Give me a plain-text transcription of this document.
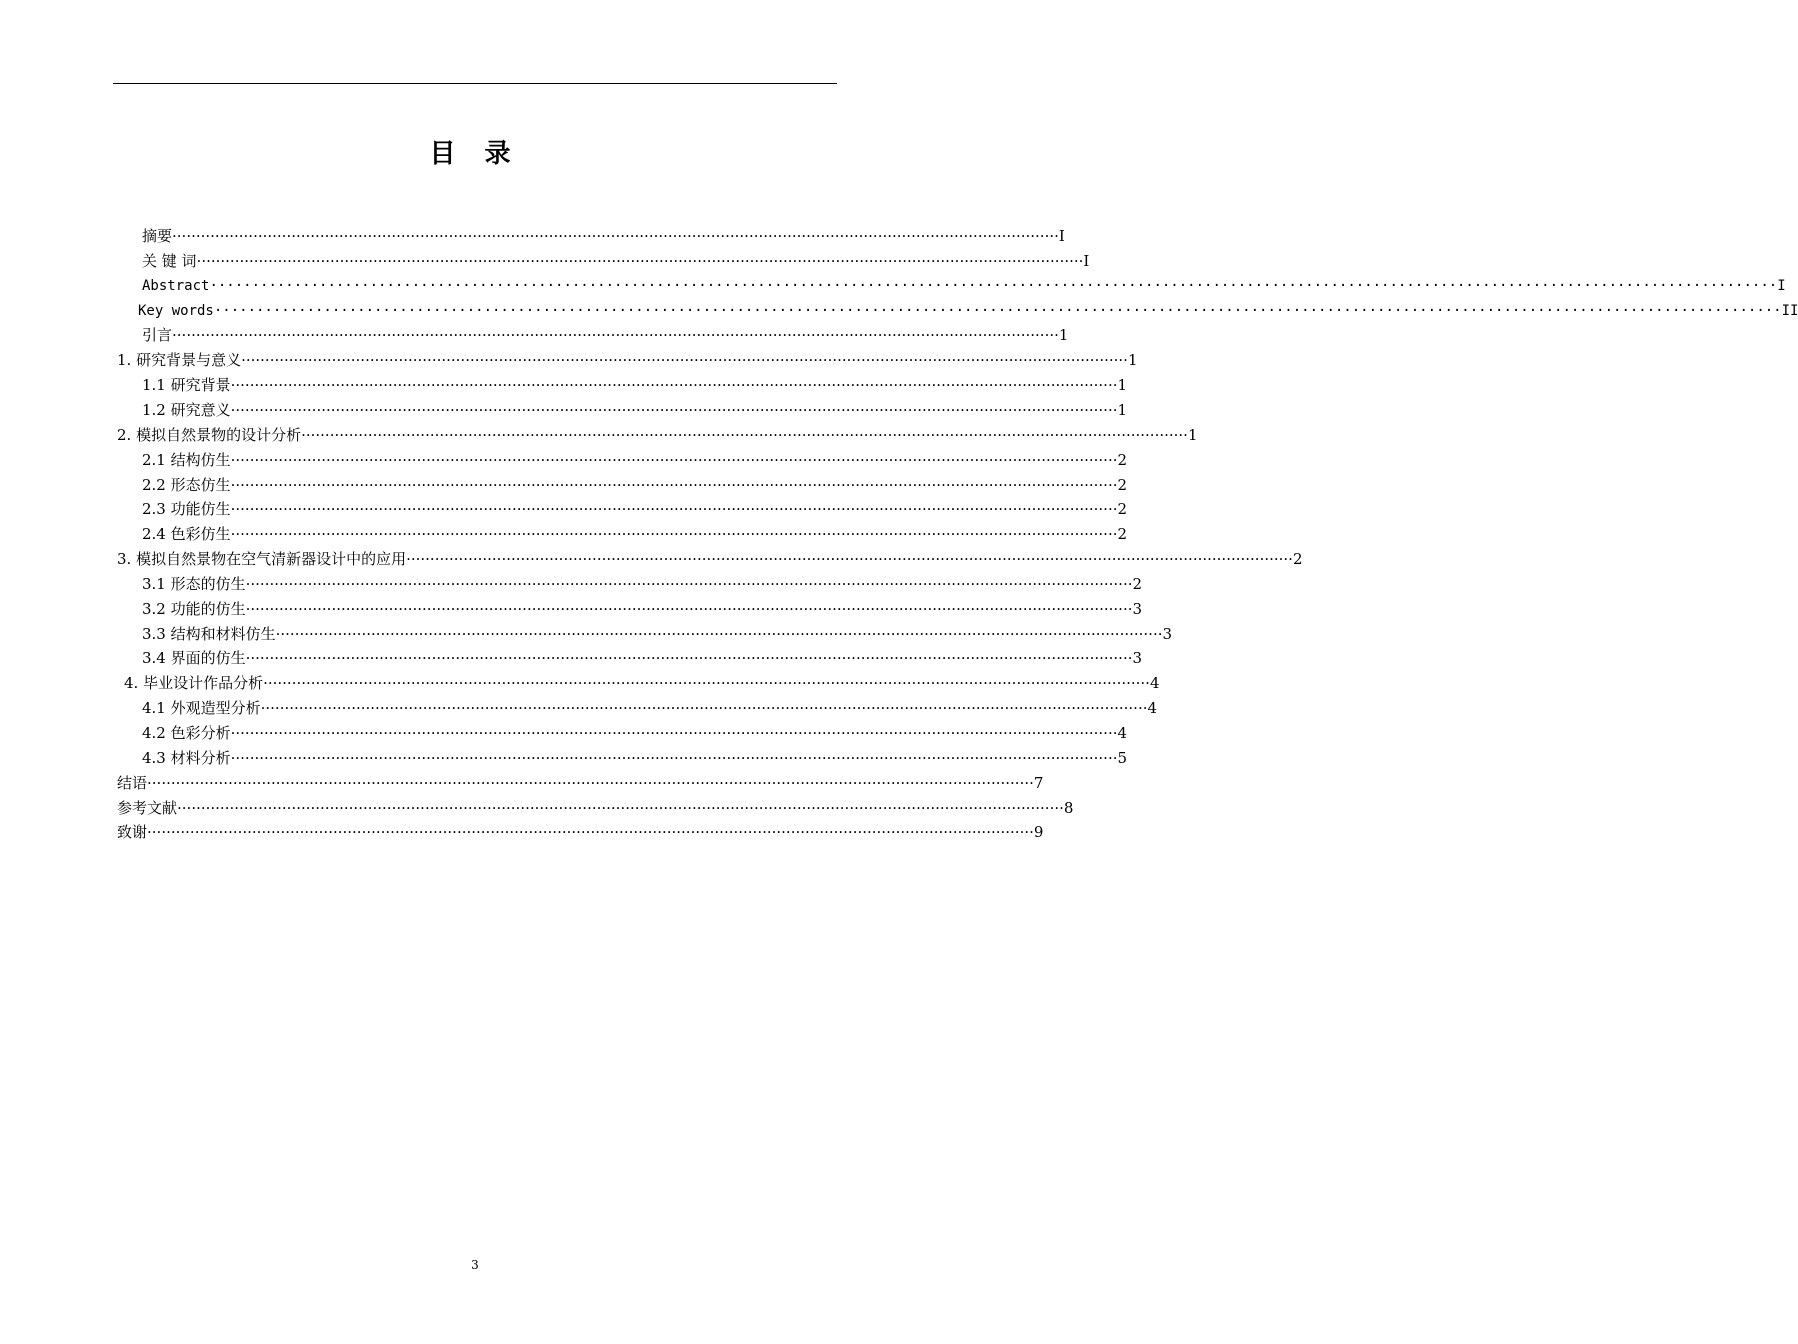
目 录
摘要 ·························································································································································································· I
关 键 词 ·························································································································································································· I
Abstract ·························································································································································································· I
Key words ·························································································································································································· II
引言 ·························································································································································································· 1
1. 研究背景与意义 ·························································································································································································· 1
1.1 研究背景 ·························································································································································································· 1
1.2 研究意义 ·························································································································································································· 1
2. 模拟自然景物的设计分析 ·························································································································································································· 1
2.1 结构仿生 ·························································································································································································· 2
2.2 形态仿生 ·························································································································································································· 2
2.3 功能仿生 ·························································································································································································· 2
2.4 色彩仿生 ·························································································································································································· 2
3. 模拟自然景物在空气清新器设计中的应用 ·························································································································································································· 2
3.1 形态的仿生 ·························································································································································································· 2
3.2 功能的仿生 ·························································································································································································· 3
3.3 结构和材料仿生 ·························································································································································································· 3
3.4 界面的仿生 ·························································································································································································· 3
4. 毕业设计作品分析 ·························································································································································································· 4
4.1 外观造型分析 ·························································································································································································· 4
4.2 色彩分析 ·························································································································································································· 4
4.3 材料分析 ·························································································································································································· 5
结语 ·························································································································································································· 7
参考文献 ·························································································································································································· 8
致谢 ·························································································································································································· 9
3
